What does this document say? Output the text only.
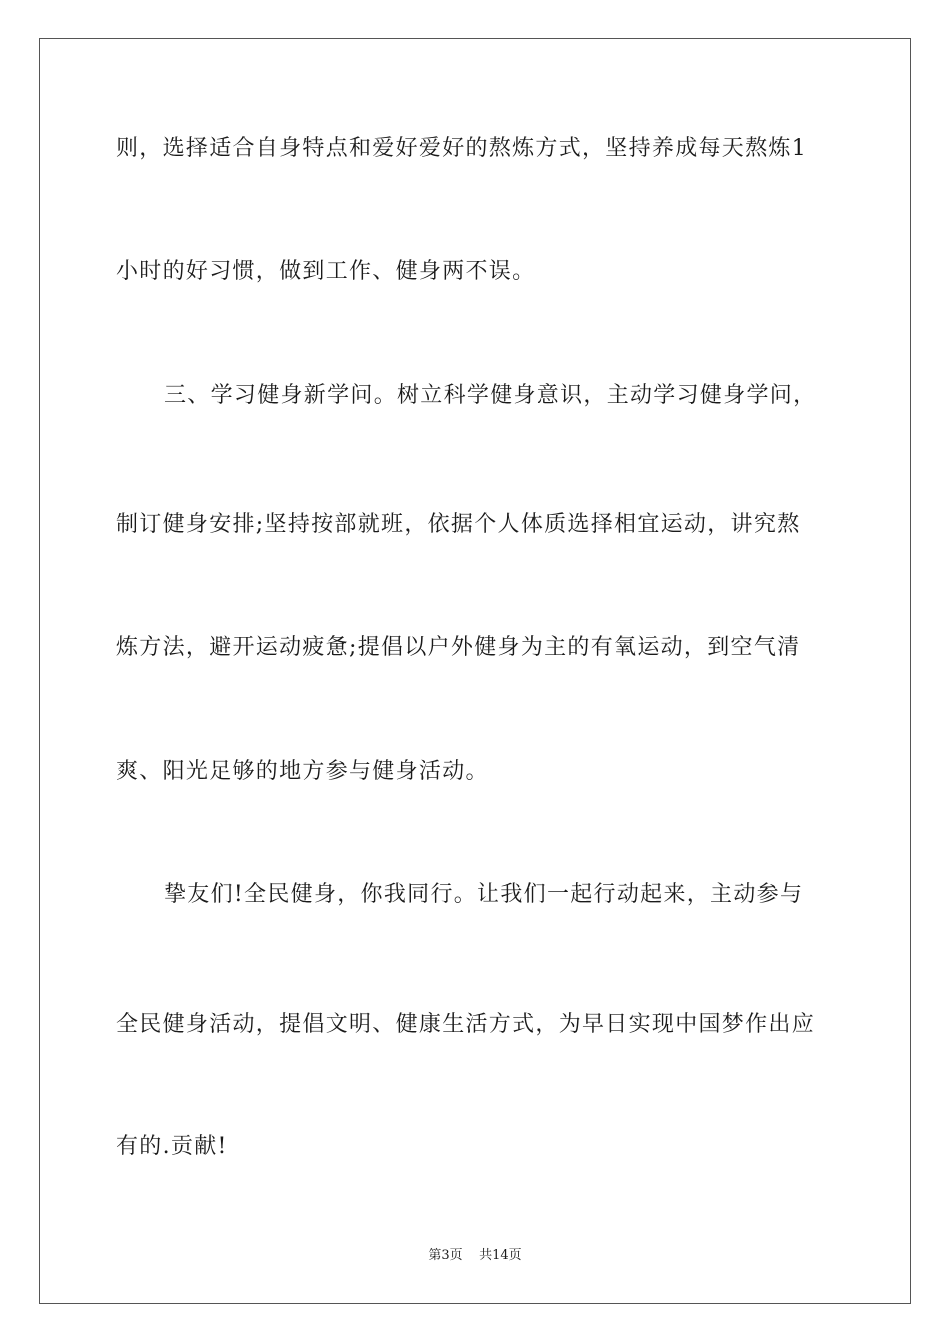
则，选择适合自身特点和爱好爱好的熬炼方式，坚持养成每天熬炼1
小时的好习惯，做到工作、健身两不误。
三、学习健身新学问。树立科学健身意识，主动学习健身学问，
制订健身安排;坚持按部就班，依据个人体质选择相宜运动，讲究熬
炼方法，避开运动疲惫;提倡以户外健身为主的有氧运动，到空气清
爽、阳光足够的地方参与健身活动。
挚友们!全民健身，你我同行。让我们一起行动起来，主动参与
全民健身活动，提倡文明、健康生活方式，为早日实现中国梦作出应
有的.贡献!
第3页 共14页
